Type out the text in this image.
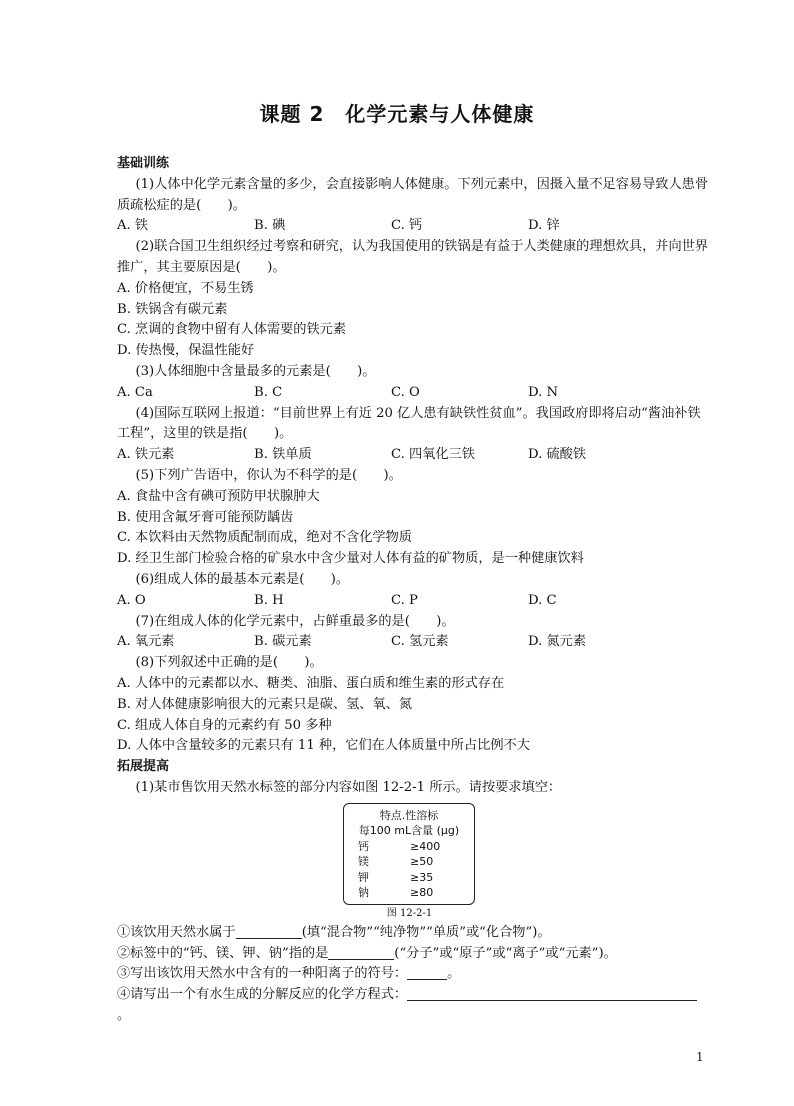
课题 2　化学元素与人体健康
基础训练
(1)人体中化学元素含量的多少，会直接影响人体健康。下列元素中，因摄入量不足容易导致人患骨质疏松症的是(　　)。
A. 铁	B. 碘	C. 钙	D. 锌
(2)联合国卫生组织经过考察和研究，认为我国使用的铁锅是有益于人类健康的理想炊具，并向世界推广，其主要原因是(　　)。
A. 价格便宜，不易生锈
B. 铁锅含有碳元素
C. 烹调的食物中留有人体需要的铁元素
D. 传热慢，保温性能好
(3)人体细胞中含量最多的元素是(　　)。
A. Ca	B. C	C. O	D. N
(4)国际互联网上报道：“目前世界上有近 20 亿人患有缺铁性贫血”。我国政府即将启动“酱油补铁工程”，这里的铁是指(　　)。
A. 铁元素	B. 铁单质	C. 四氧化三铁	D. 硫酸铁
(5)下列广告语中，你认为不科学的是(　　)。
A. 食盐中含有碘可预防甲状腺肿大
B. 使用含氟牙膏可能预防龋齿
C. 本饮料由天然物质配制而成，绝对不含化学物质
D. 经卫生部门检验合格的矿泉水中含少量对人体有益的矿物质，是一种健康饮料
(6)组成人体的最基本元素是(　　)。
A. O	B. H	C. P	D. C
(7)在组成人体的化学元素中，占鲜重最多的是(　　)。
A. 氧元素	B. 碳元素	C. 氢元素	D. 氮元素
(8)下列叙述中正确的是(　　)。
A. 人体中的元素都以水、糖类、油脂、蛋白质和维生素的形式存在
B. 对人体健康影响很大的元素只是碳、氢、氧、氮
C. 组成人体自身的元素约有 50 多种
D. 人体中含量较多的元素只有 11 种，它们在人体质量中所占比例不大
拓展提高
(1)某市售饮用天然水标签的部分内容如图 12-2-1 所示。请按要求填空：
特点.性溶标
每100 mL含量 (μg)
钙	≥400
镁	≥50
钾	≥35
钠	≥80
图 12-2-1
①该饮用天然水属于	(填“混合物”“纯净物”“单质”或“化合物”)。
②标签中的“钙、镁、钾、钠”指的是	(“分子”或“原子”或“离子”或“元素”)。
③写出该饮用天然水中含有的一种阳离子的符号：	。
④请写出一个有水生成的分解反应的化学方程式：。
1
